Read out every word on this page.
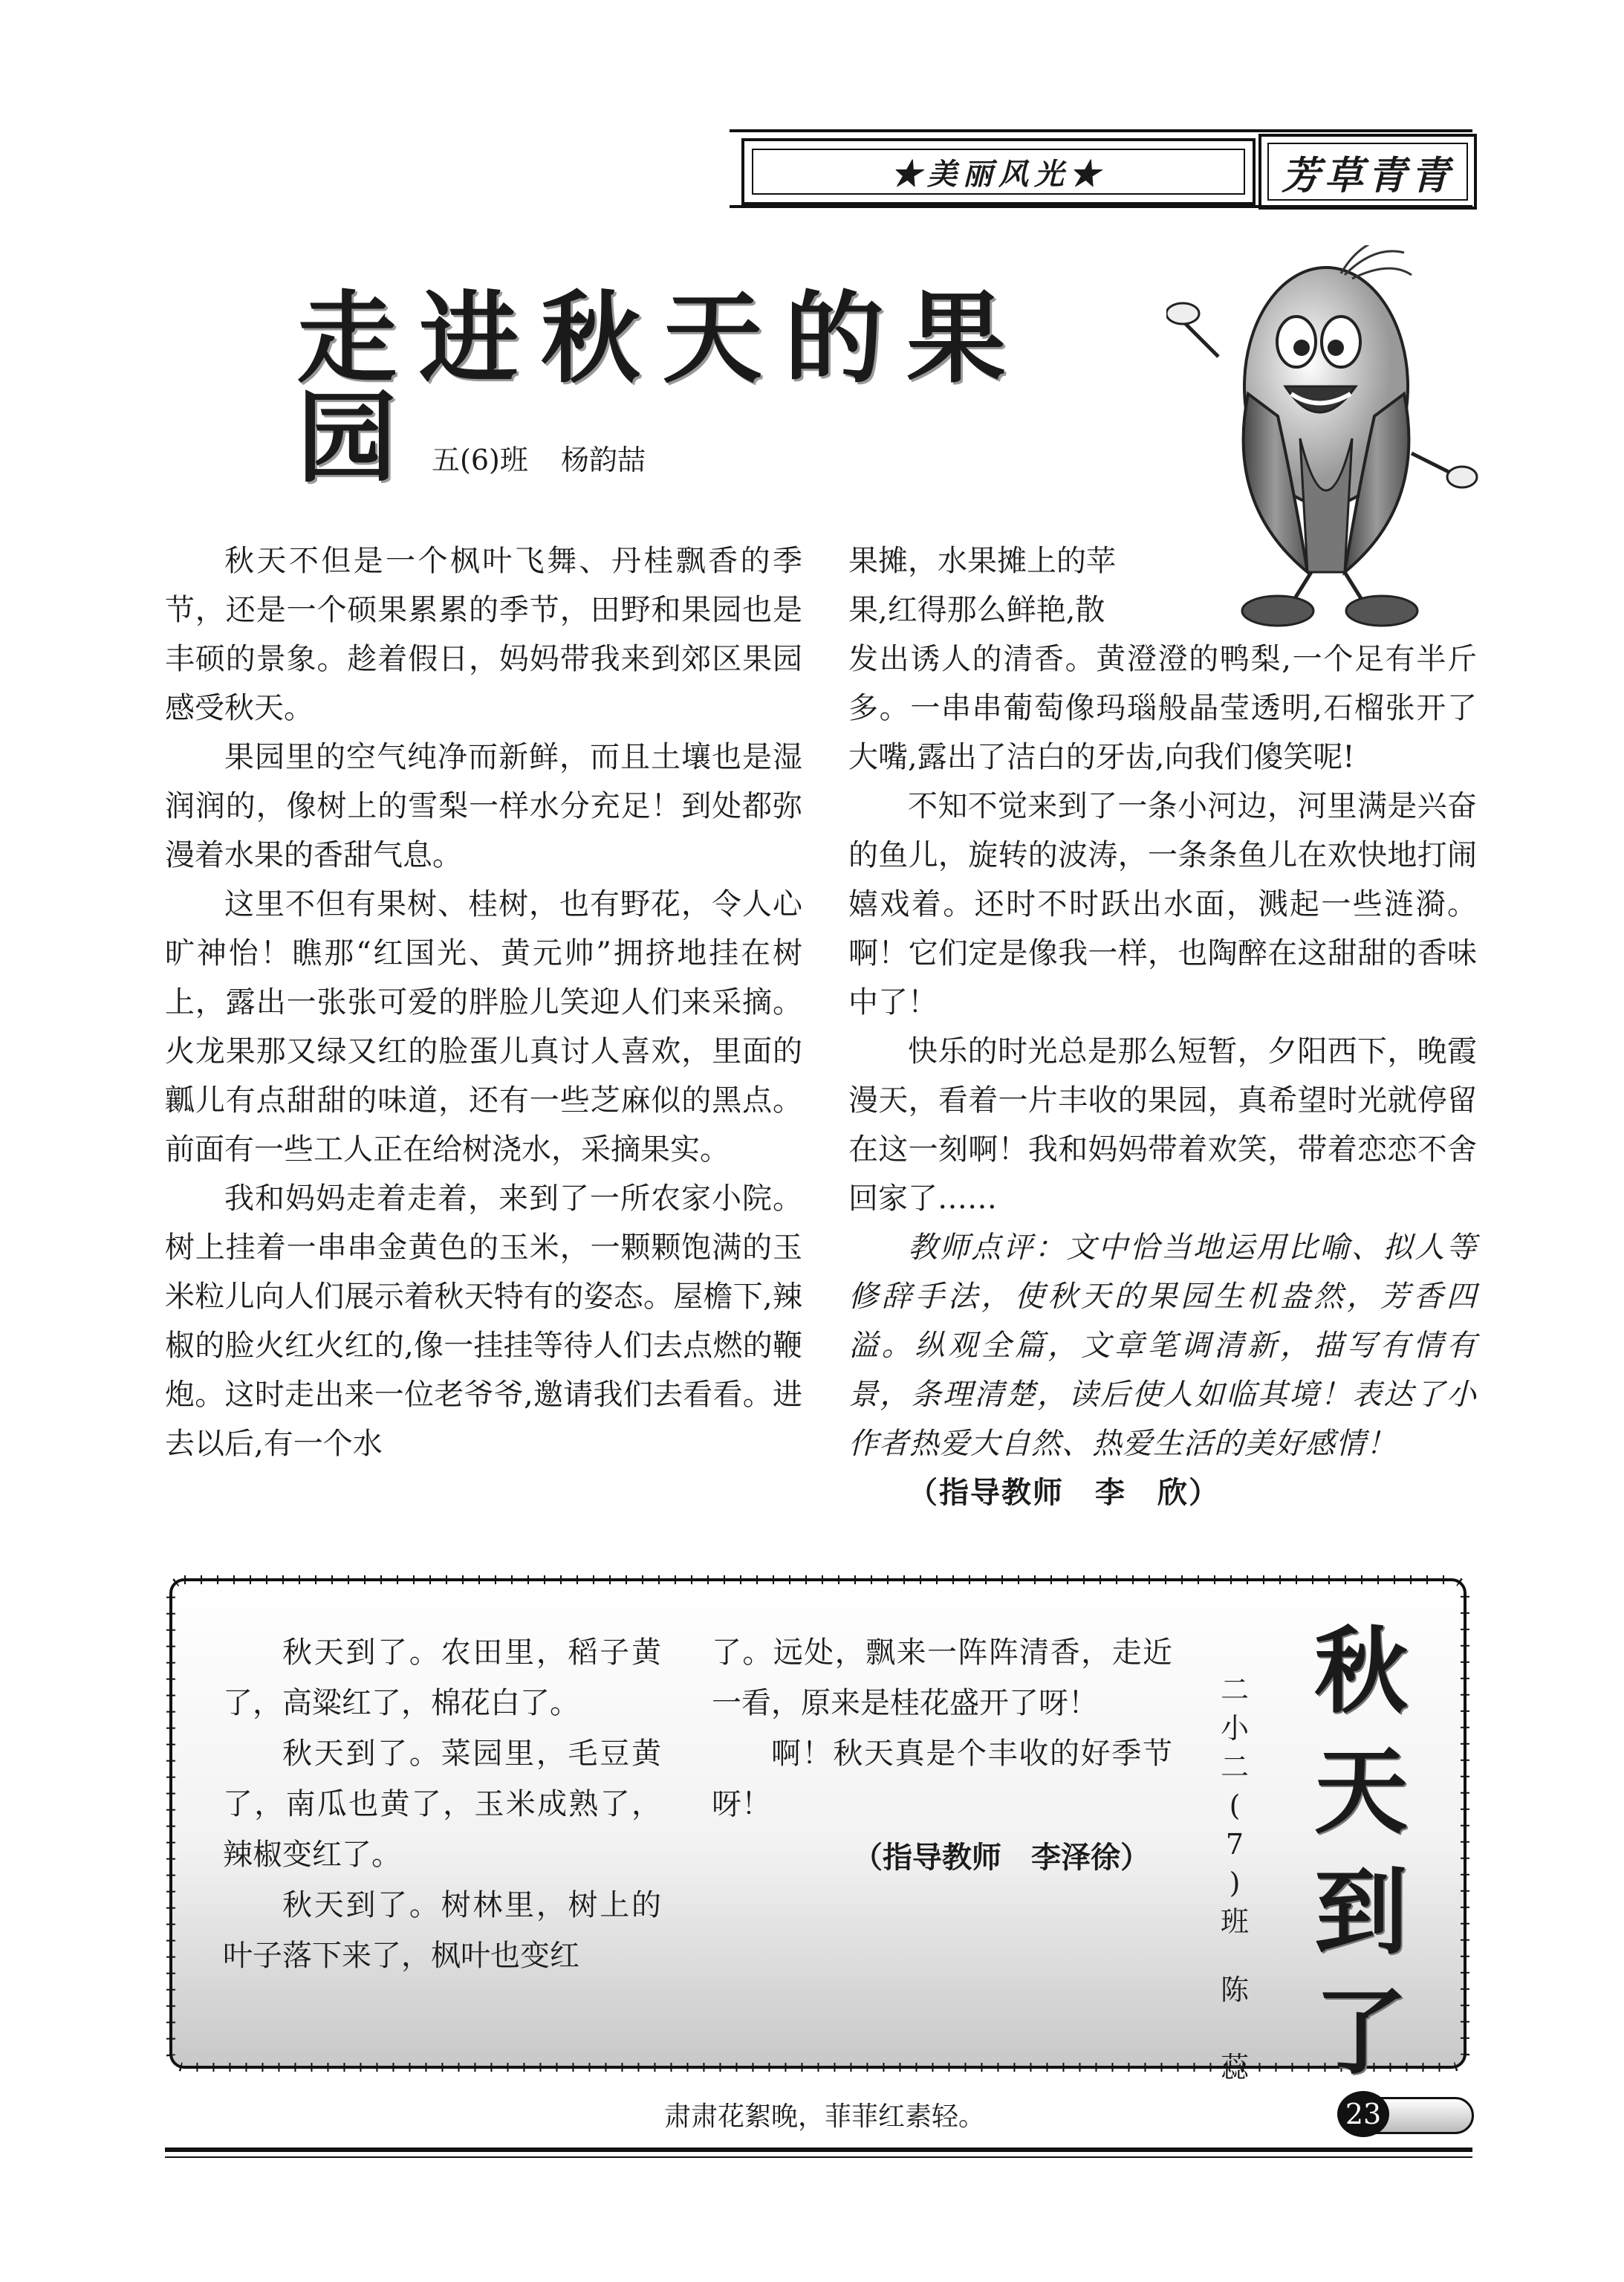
★美丽风光★	芳草青青
走进秋天的果园 五(6)班 杨韵喆

秋天不但是一个枫叶飞舞、丹桂飘香的季节，还是一个硕果累累的季节，田野和果园也是丰硕的景象。趁着假日，妈妈带我来到郊区果园感受秋天。

果园里的空气纯净而新鲜，而且土壤也是湿润润的，像树上的雪梨一样水分充足！到处都弥漫着水果的香甜气息。

这里不但有果树、桂树，也有野花，令人心旷神怡！瞧那“红国光、黄元帅”拥挤地挂在树上，露出一张张可爱的胖脸儿笑迎人们来采摘。火龙果那又绿又红的脸蛋儿真讨人喜欢，里面的瓤儿有点甜甜的味道，还有一些芝麻似的黑点。前面有一些工人正在给树浇水，采摘果实。

我和妈妈走着走着，来到了一所农家小院。树上挂着一串串金黄色的玉米，一颗颗饱满的玉米粒儿向人们展示着秋天特有的姿态。屋檐下,辣椒的脸火红火红的,像一挂挂等待人们去点燃的鞭炮。这时走出来一位老爷爷,邀请我们去看看。进去以后,有一个水

果摊，水果摊上的苹

果,红得那么鲜艳,散

发出诱人的清香。黄澄澄的鸭梨,一个足有半斤多。一串串葡萄像玛瑙般晶莹透明,石榴张开了大嘴,露出了洁白的牙齿,向我们傻笑呢!

不知不觉来到了一条小河边，河里满是兴奋的鱼儿，旋转的波涛，一条条鱼儿在欢快地打闹嬉戏着。还时不时跃出水面，溅起一些涟漪。啊！它们定是像我一样，也陶醉在这甜甜的香味中了！

快乐的时光总是那么短暂，夕阳西下，晚霞漫天，看着一片丰收的果园，真希望时光就停留在这一刻啊！我和妈妈带着欢笑，带着恋恋不舍回家了……

教师点评：文中恰当地运用比喻、拟人等修辞手法，使秋天的果园生机盎然，芳香四溢。纵观全篇，文章笔调清新，描写有情有景，条理清楚，读后使人如临其境！表达了小作者热爱大自然、热爱生活的美好感情！

（指导教师　李　欣）

秋天到了。农田里，稻子黄了，高粱红了，棉花白了。

秋天到了。菜园里，毛豆黄了，南瓜也黄了，玉米成熟了，辣椒变红了。

秋天到了。树林里，树上的叶子落下来了，枫叶也变红

了。远处，飘来一阵阵清香，走近一看，原来是桂花盛开了呀！

啊！秋天真是个丰收的好季节呀！

（指导教师　李泽徐）

二
小
二
(
7
)
班
陈

蕊
秋
天
到
了
肃肃花絮晚，菲菲红素轻。	23
